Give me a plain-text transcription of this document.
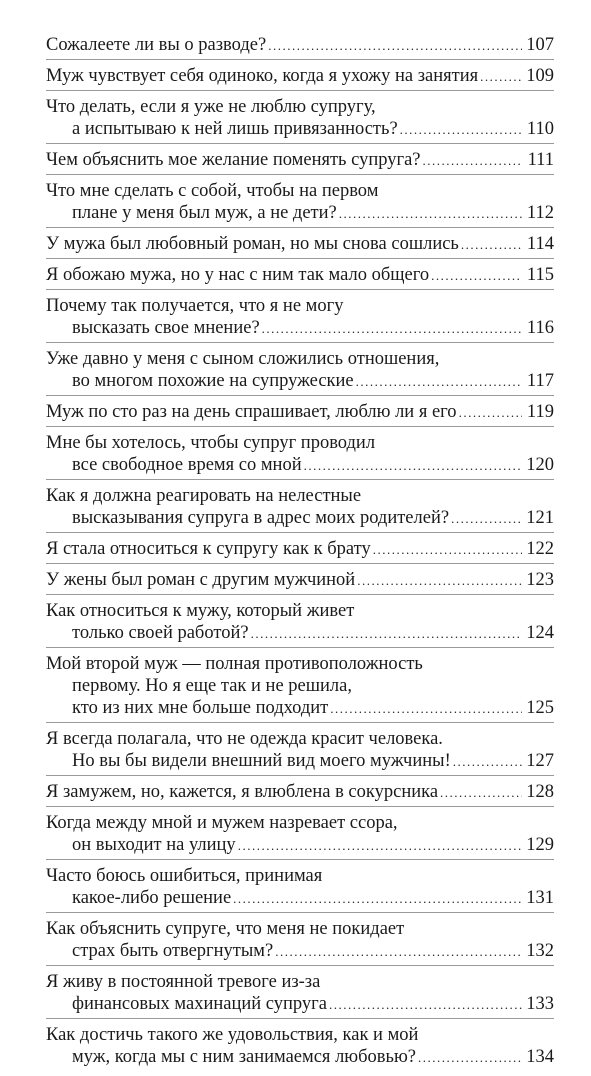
Сожалеете ли вы о разводе? .....	107
Муж чувствует себя одиноко, когда я ухожу на занятия .....	109
Что делать, если я уже не люблю супругу,
а испытываю к ней лишь привязанность? .....	110
Чем объяснить мое желание поменять супруга? .....	111
Что мне сделать с собой, чтобы на первом
плане у меня был муж, а не дети? .....	112
У мужа был любовный роман, но мы снова сошлись .....	114
Я обожаю мужа, но у нас с ним так мало общего .....	115
Почему так получается, что я не могу
высказать свое мнение? .....	116
Уже давно у меня с сыном сложились отношения,
во многом похожие на супружеские .....	117
Муж по сто раз на день спрашивает, люблю ли я его .....	119
Мне бы хотелось, чтобы супруг проводил
все свободное время со мной .....	120
Как я должна реагировать на нелестные
высказывания супруга в адрес моих родителей? .....	121
Я стала относиться к супругу как к брату .....	122
У жены был роман с другим мужчиной .....	123
Как относиться к мужу, который живет
только своей работой? .....	124
Мой второй муж — полная противоположность
первому. Но я еще так и не решила,
кто из них мне больше подходит .....	125
Я всегда полагала, что не одежда красит человека.
Но вы бы видели внешний вид моего мужчины! .....	127
Я замужем, но, кажется, я влюблена в сокурсника .....	128
Когда между мной и мужем назревает ссора,
он выходит на улицу .....	129
Часто боюсь ошибиться, принимая
какое-либо решение .....	131
Как объяснить супруге, что меня не покидает
страх быть отвергнутым? .....	132
Я живу в постоянной тревоге из-за
финансовых махинаций супруга .....	133
Как достичь такого же удовольствия, как и мой
муж, когда мы с ним занимаемся любовью? .....	134
